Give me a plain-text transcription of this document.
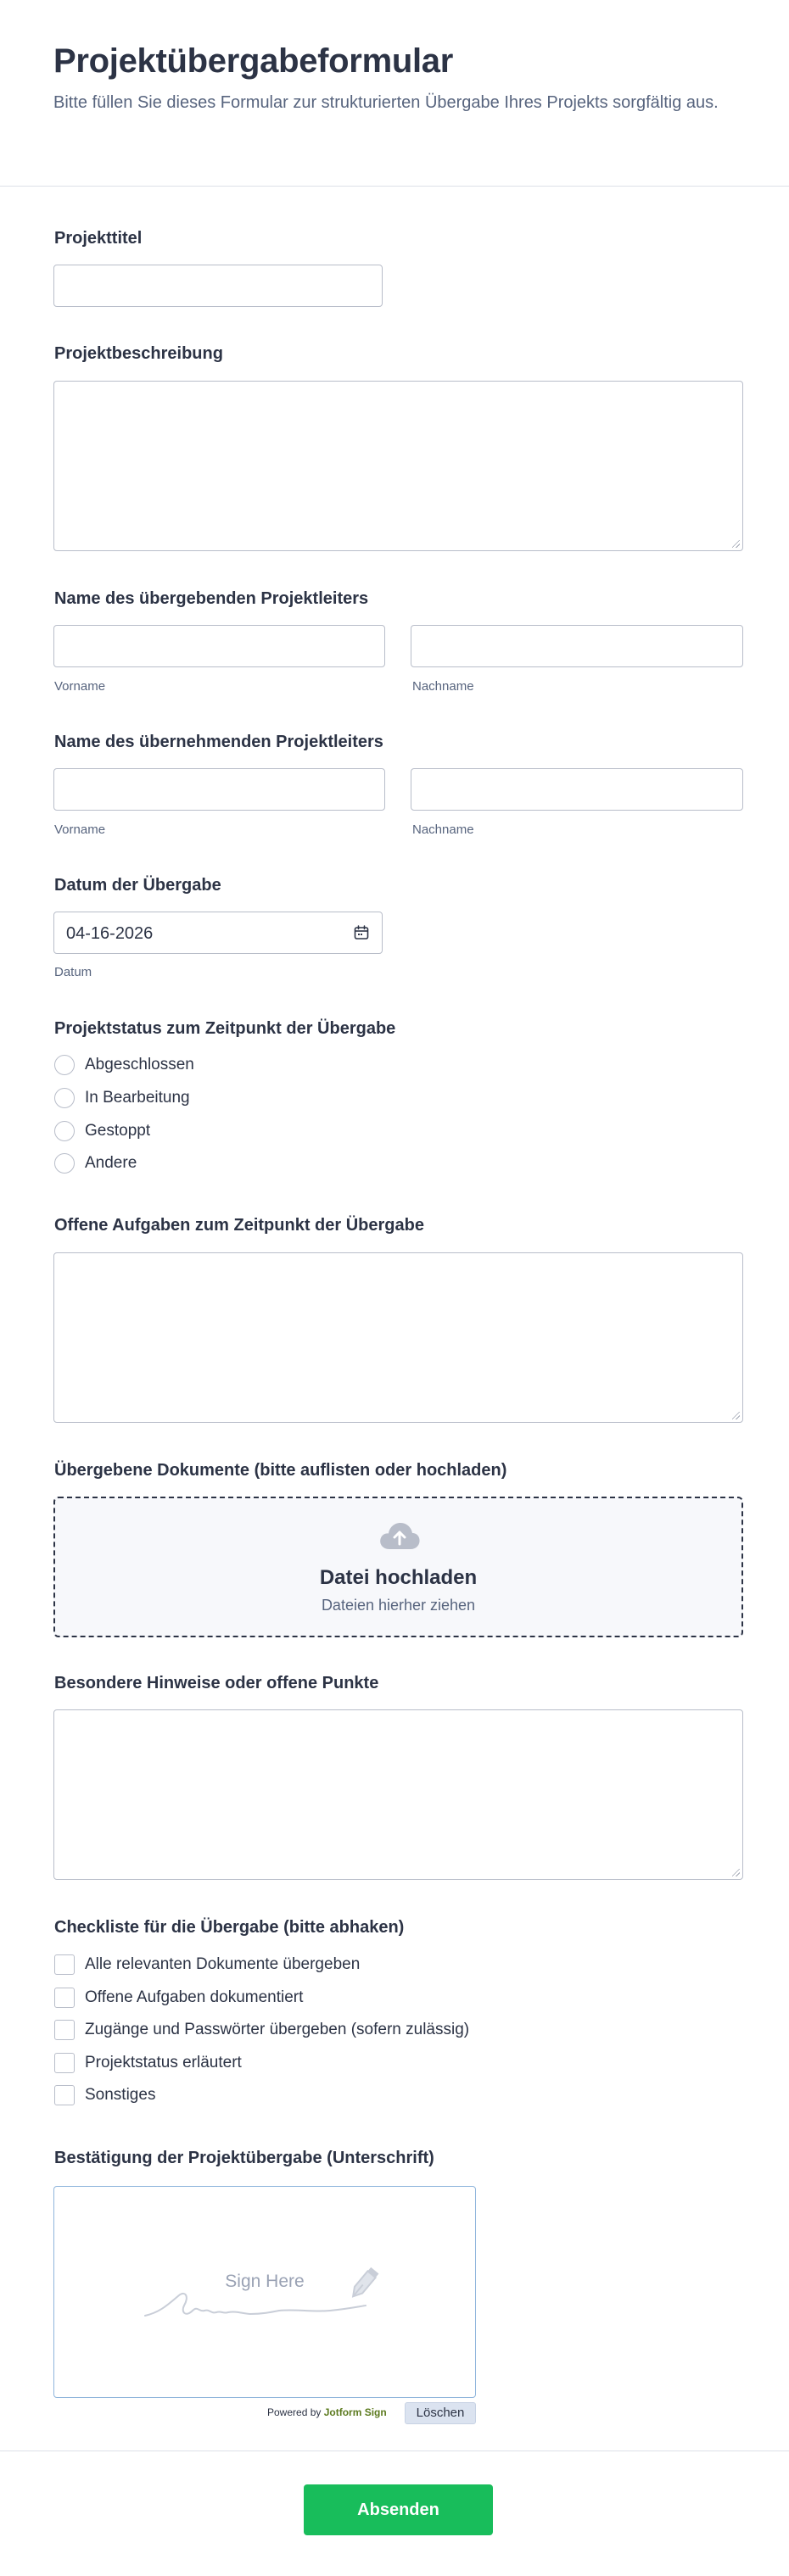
Projektübergabeformular
Bitte füllen Sie dieses Formular zur strukturierten Übergabe Ihres Projekts sorgfältig aus.
Projekttitel
Projektbeschreibung
Name des übergebenden Projektleiters
Vorname	Nachname
Name des übernehmenden Projektleiters
Vorname	Nachname
Datum der Übergabe
04-16-2026
Datum
Projektstatus zum Zeitpunkt der Übergabe
Abgeschlossen
In Bearbeitung
Gestoppt
Andere
Offene Aufgaben zum Zeitpunkt der Übergabe
Übergebene Dokumente (bitte auflisten oder hochladen)
Datei hochladen
Dateien hierher ziehen
Besondere Hinweise oder offene Punkte
Checkliste für die Übergabe (bitte abhaken)
Alle relevanten Dokumente übergeben
Offene Aufgaben dokumentiert
Zugänge und Passwörter übergeben (sofern zulässig)
Projektstatus erläutert
Sonstiges
Bestätigung der Projektübergabe (Unterschrift)
Sign Here
Powered by Jotform Sign	Löschen
Absenden
